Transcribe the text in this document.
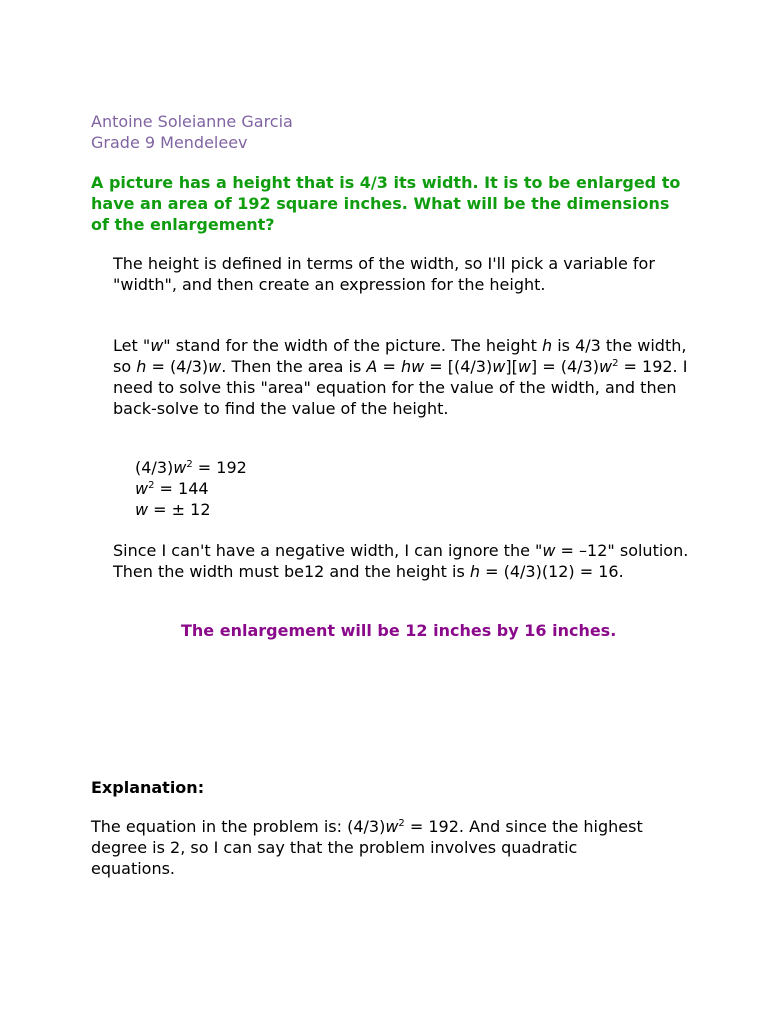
Antoine Soleianne Garcia
Grade 9 Mendeleev
A picture has a height that is 4/3 its width. It is to be enlarged to have an area of 192 square inches. What will be the dimensions of the enlargement?
The height is defined in terms of the width, so I'll pick a variable for "width", and then create an expression for the height.
Let "w" stand for the width of the picture. The height h is 4/3 the width, so h = (4/3)w. Then the area is A = hw = $[(4/3)w][w] = (4/3)w^2 = 192$. I need to solve this "area" equation for the value of the width, and then back-solve to find the value of the height.
$(4/3)w^2 = 192$
$w^2 = 144$
w = ± 12
Since I can't have a negative width, I can ignore the "w = –12" solution. Then the width must be12 and the height is h = (4/3)(12) = 16.
The enlargement will be 12 inches by 16 inches.
Explanation:
The equation in the problem is: $(4/3)w^2 = 192$. And since the highest degree is 2, so I can say that the problem involves quadratic equations.
